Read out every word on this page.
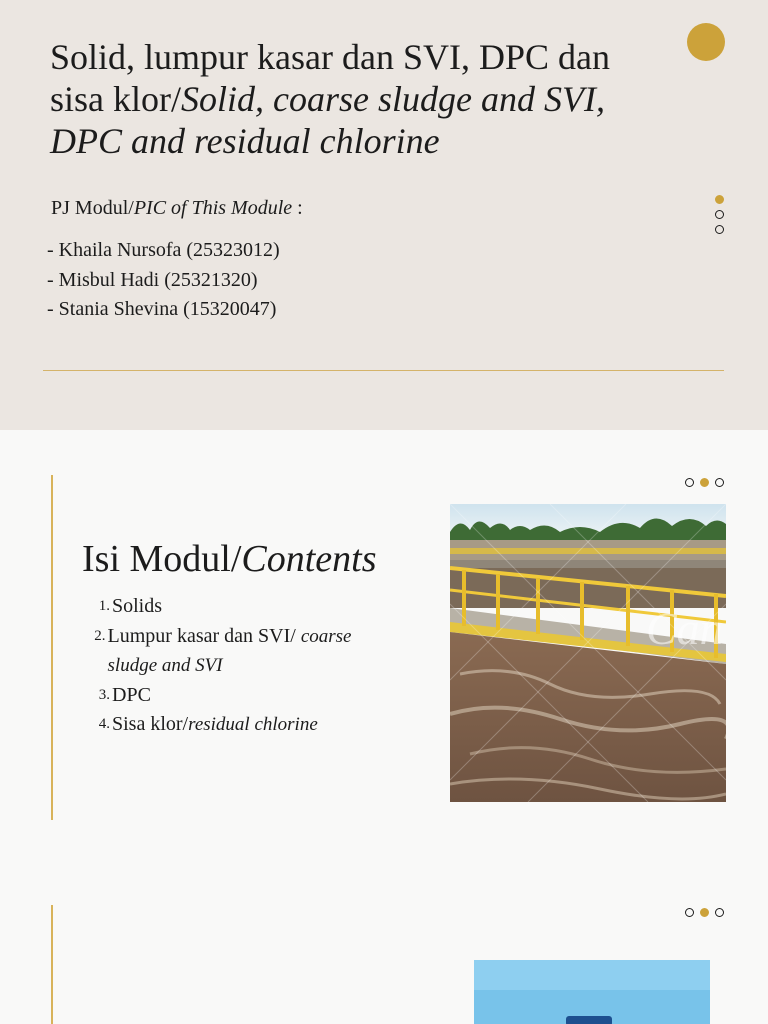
Solid, lumpur kasar dan SVI, DPC dan sisa klor/Solid, coarse sludge and SVI, DPC and residual chlorine

PJ Modul/PIC of This Module :

- Khaila Nursofa (25323012)
- Misbul Hadi (25321320)
- Stania Shevina (15320047)
Isi Modul/Contents
1. Solids
2. Lumpur kasar dan SVI/ coarse sludge and SVI
3. DPC
4. Sisa klor/residual chlorine
Can
